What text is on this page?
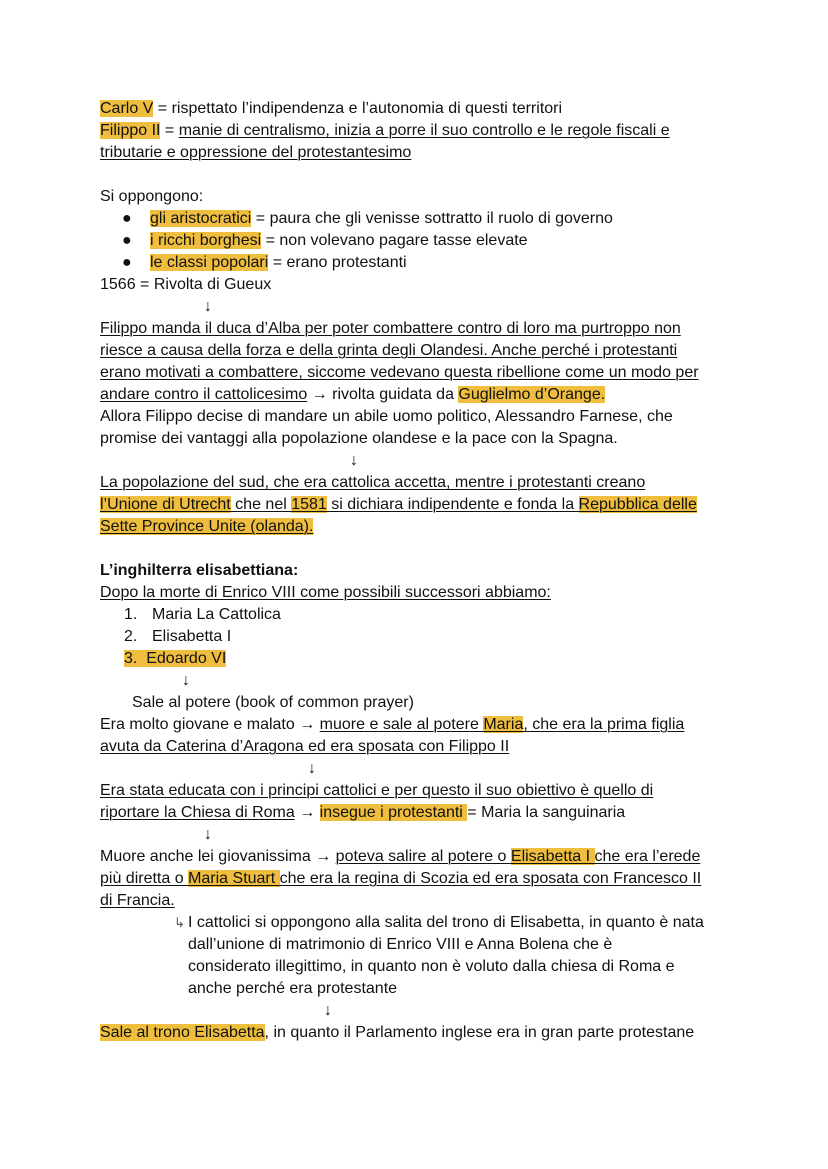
Carlo V = rispettato l’indipendenza e l’autonomia di questi territori
Filippo II = manie di centralismo, inizia a porre il suo controllo e le regole fiscali e
tributarie e oppressione del protestantesimo
Si oppongono:
● gli aristocratici = paura che gli venisse sottratto il ruolo di governo
● i ricchi borghesi = non volevano pagare tasse elevate
● le classi popolari = erano protestanti
1566 = Rivolta di Gueux
↓
Filippo manda il duca d’Alba per poter combattere contro di loro ma purtroppo non
riesce a causa della forza e della grinta degli Olandesi. Anche perché i protestanti
erano motivati a combattere, siccome vedevano questa ribellione come un modo per
andare contro il cattolicesimo → rivolta guidata da Guglielmo d’Orange.
Allora Filippo decise di mandare un abile uomo politico, Alessandro Farnese, che
promise dei vantaggi alla popolazione olandese e la pace con la Spagna.
↓
La popolazione del sud, che era cattolica accetta, mentre i protestanti creano
l’Unione di Utrecht che nel 1581 si dichiara indipendente e fonda la Repubblica delle
Sette Province Unite (olanda).
L’inghilterra elisabettiana:
Dopo la morte di Enrico VIII come possibili successori abbiamo:
1. Maria La Cattolica
2. Elisabetta I
3. Edoardo VI
↓
Sale al potere (book of common prayer)
Era molto giovane e malato → muore e sale al potere Maria, che era la prima figlia
avuta da Caterina d’Aragona ed era sposata con Filippo II
↓
Era stata educata con i principi cattolici e per questo il suo obiettivo è quello di
riportare la Chiesa di Roma → insegue i protestanti = Maria la sanguinaria
↓
Muore anche lei giovanissima → poteva salire al potere o Elisabetta I che era l’erede
più diretta o Maria Stuart che era la regina di Scozia ed era sposata con Francesco II
di Francia.
↳ I cattolici si oppongono alla salita del trono di Elisabetta, in quanto è nata
dall’unione di matrimonio di Enrico VIII e Anna Bolena che è
considerato illegittimo, in quanto non è voluto dalla chiesa di Roma e
anche perché era protestante
↓
Sale al trono Elisabetta, in quanto il Parlamento inglese era in gran parte protestane
